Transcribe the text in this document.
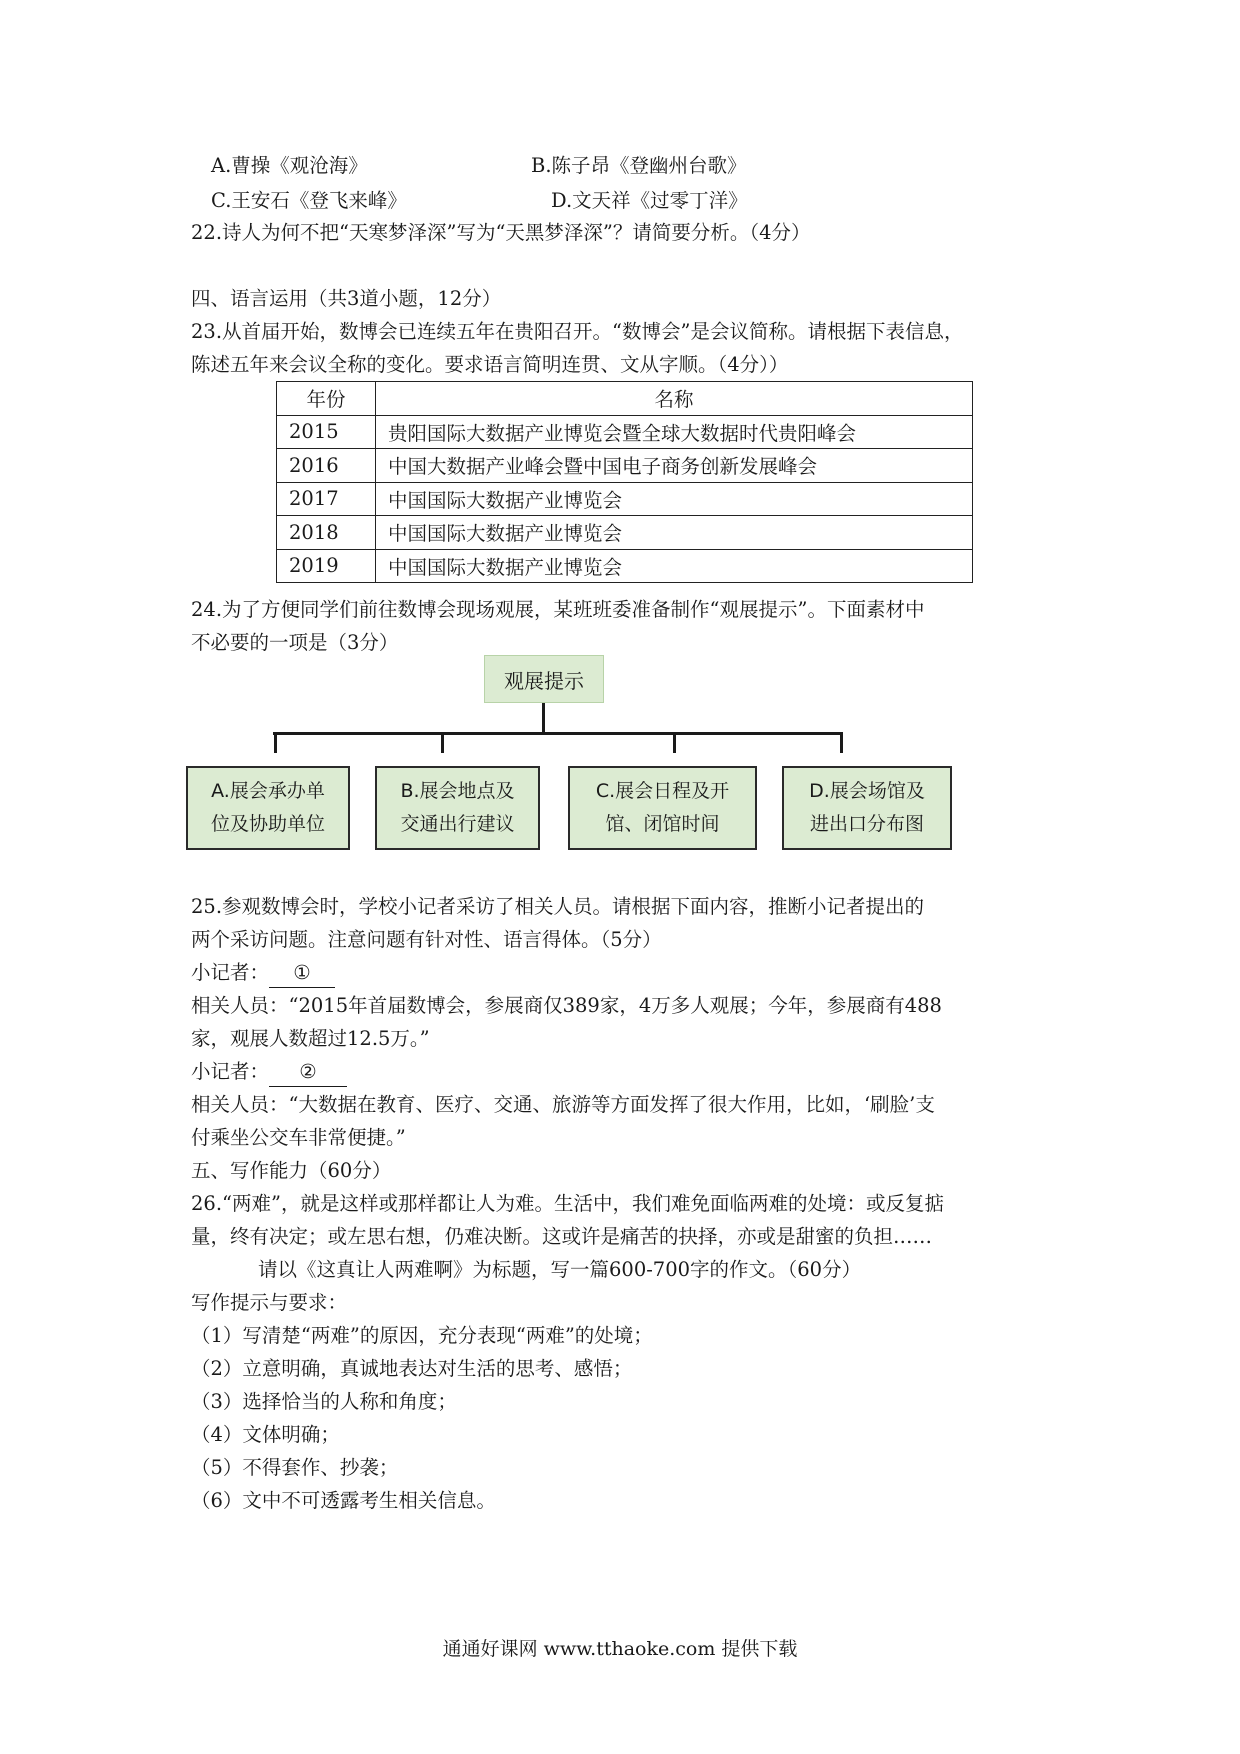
A.曹操《观沧海》	B.陈子昂《登幽州台歌》
C.王安石《登飞来峰》	D.文天祥《过零丁洋》
22.诗人为何不把“天寒梦泽深”写为“天黑梦泽深”？请简要分析。（4分）
四、语言运用（共3道小题，12分）
23.从首届开始，数博会已连续五年在贵阳召开。“数博会”是会议简称。请根据下表信息，
陈述五年来会议全称的变化。要求语言简明连贯、文从字顺。（4分））
年份	名称
2015	贵阳国际大数据产业博览会暨全球大数据时代贵阳峰会
2016	中国大数据产业峰会暨中国电子商务创新发展峰会
2017	中国国际大数据产业博览会
2018	中国国际大数据产业博览会
2019	中国国际大数据产业博览会
24.为了方便同学们前往数博会现场观展，某班班委准备制作“观展提示”。下面素材中
不必要的一项是（3分）
观展提示
A.展会承办单
位及协助单位
B.展会地点及
交通出行建议
C.展会日程及开
馆、闭馆时间
D.展会场馆及
进出口分布图
25.参观数博会时，学校小记者采访了相关人员。请根据下面内容，推断小记者提出的
两个采访问题。注意问题有针对性、语言得体。（5分）
小记者： ①
相关人员：“2015年首届数博会，参展商仅389家，4万多人观展；今年，参展商有488
家，观展人数超过12.5万。”
小记者： ②
相关人员：“大数据在教育、医疗、交通、旅游等方面发挥了很大作用，比如，‘刷脸’支
付乘坐公交车非常便捷。”
五、写作能力（60分）
26.“两难”，就是这样或那样都让人为难。生活中，我们难免面临两难的处境：或反复掂
量，终有决定；或左思右想，仍难决断。这或许是痛苦的抉择，亦或是甜蜜的负担……
请以《这真让人两难啊》为标题，写一篇600-700字的作文。（60分）
写作提示与要求：
（1）写清楚“两难”的原因，充分表现“两难”的处境；
（2）立意明确，真诚地表达对生活的思考、感悟；
（3）选择恰当的人称和角度；
（4）文体明确；
（5）不得套作、抄袭；
（6）文中不可透露考生相关信息。
通通好课网 www.tthaoke.com 提供下载
